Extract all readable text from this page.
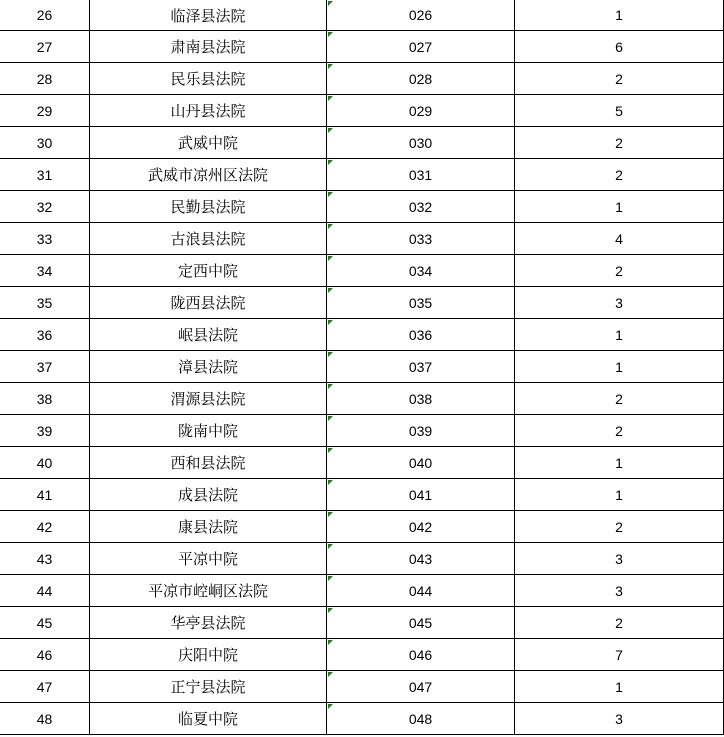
26	临泽县法院	026	1
27	肃南县法院	027	6
28	民乐县法院	028	2
29	山丹县法院	029	5
30	武威中院	030	2
31	武威市凉州区法院	031	2
32	民勤县法院	032	1
33	古浪县法院	033	4
34	定西中院	034	2
35	陇西县法院	035	3
36	岷县法院	036	1
37	漳县法院	037	1
38	渭源县法院	038	2
39	陇南中院	039	2
40	西和县法院	040	1
41	成县法院	041	1
42	康县法院	042	2
43	平凉中院	043	3
44	平凉市崆峒区法院	044	3
45	华亭县法院	045	2
46	庆阳中院	046	7
47	正宁县法院	047	1
48	临夏中院	048	3
